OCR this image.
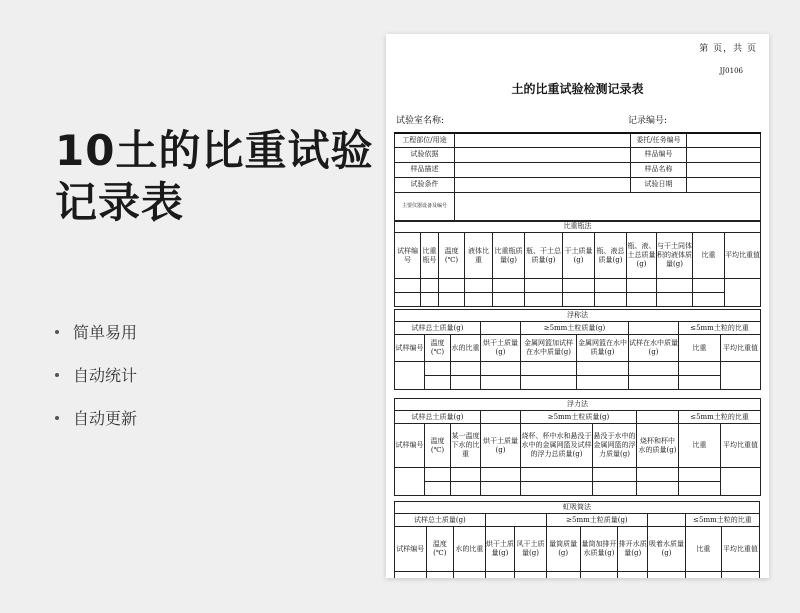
10土的比重试验
记录表
简单易用
自动统计
自动更新
第 页，共 页
JJ0106
土的比重试验检测记录表
试验室名称:	记录编号:
工程部位/用途		委托/任务编号	
试验依据		样品编号	
样品描述		样品名称	
试验条件		试验日期	
主要仪器设备及编号			
比重瓶法											
试样编号	比重瓶号	温度(℃)	液体比重	比重瓶质量(g)	瓶、干土总质量(g)	干土质量(g)	瓶、液总质量(g)	瓶、液、土总质量(g)	与干土同体积的液体质量(g)	比重	平均比重值

浮称法								
试样总土质量(g)				≥5mm土粒质量(g)			≤5mm土粒的比重	
试样编号	温度(℃)	水的比重	烘干土质量(g)	金属网篮加试样在水中质量(g)	金属网篮在水中质量(g)	试样在水中质量(g)	比重	平均比重值

浮力法								
试样总土质量(g)				≥5mm土粒质量(g)			≤5mm土粒的比重	
试样编号	温度(℃)	某一温度下水的比重	烘干土质量(g)	烧杯、杯中水和悬没于水中的金属网篮及试样的浮力总质量(g)	悬没于水中的金属网篮的浮力质量(g)	烧杯和杯中水的质量(g)	比重	平均比重值

虹吸筒法										
试样总土质量(g)					≥5mm土粒质量(g)				≤5mm土粒的比重	
试样编号	温度(℃)	水的比重	烘干土质量(g)	风干土质量(g)	量筒质量(g)	量筒加排开水质量(g)	排开水质量(g)	吸着水质量(g)	比重	平均比重值
